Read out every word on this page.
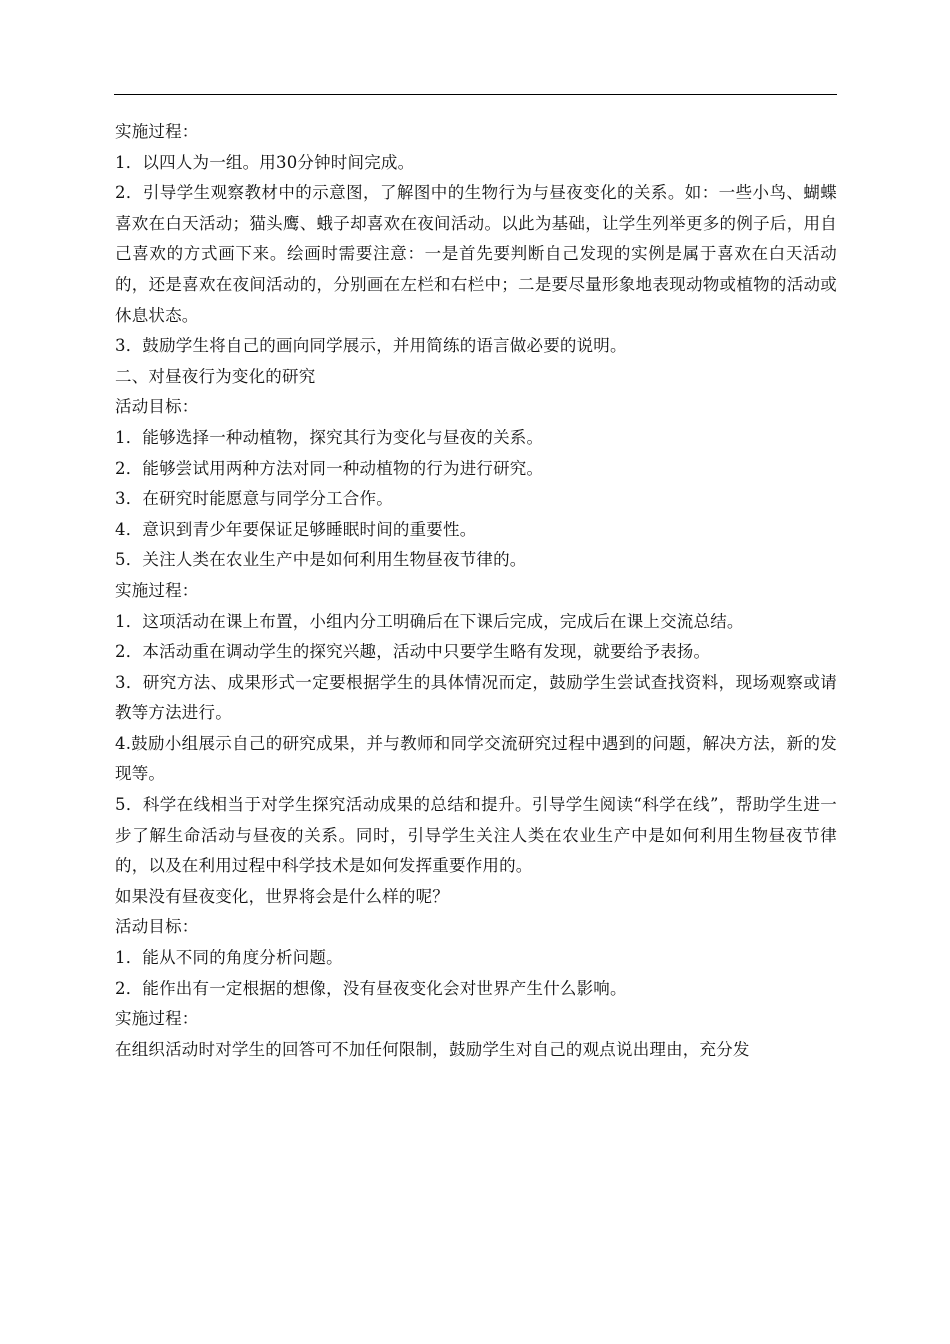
实施过程：

1．以四人为一组。用30分钟时间完成。

2．引导学生观察教材中的示意图，了解图中的生物行为与昼夜变化的关系。如：一些小鸟、蝴蝶喜欢在白天活动；猫头鹰、蛾子却喜欢在夜间活动。以此为基础，让学生列举更多的例子后，用自己喜欢的方式画下来。绘画时需要注意：一是首先要判断自己发现的实例是属于喜欢在白天活动的，还是喜欢在夜间活动的，分别画在左栏和右栏中；二是要尽量形象地表现动物或植物的活动或休息状态。

3．鼓励学生将自己的画向同学展示，并用简练的语言做必要的说明。

二、对昼夜行为变化的研究

活动目标：

1．能够选择一种动植物，探究其行为变化与昼夜的关系。

2．能够尝试用两种方法对同一种动植物的行为进行研究。

3．在研究时能愿意与同学分工合作。

4．意识到青少年要保证足够睡眠时间的重要性。

5．关注人类在农业生产中是如何利用生物昼夜节律的。

实施过程：

1．这项活动在课上布置，小组内分工明确后在下课后完成，完成后在课上交流总结。

2．本活动重在调动学生的探究兴趣，活动中只要学生略有发现，就要给予表扬。

3．研究方法、成果形式一定要根据学生的具体情况而定，鼓励学生尝试查找资料，现场观察或请教等方法进行。

4.鼓励小组展示自己的研究成果，并与教师和同学交流研究过程中遇到的问题，解决方法，新的发现等。

5．科学在线相当于对学生探究活动成果的总结和提升。引导学生阅读“科学在线”，帮助学生进一步了解生命活动与昼夜的关系。同时，引导学生关注人类在农业生产中是如何利用生物昼夜节律的，以及在利用过程中科学技术是如何发挥重要作用的。

如果没有昼夜变化，世界将会是什么样的呢？

活动目标：

1．能从不同的角度分析问题。

2．能作出有一定根据的想像，没有昼夜变化会对世界产生什么影响。

实施过程：

在组织活动时对学生的回答可不加任何限制，鼓励学生对自己的观点说出理由，充分发
